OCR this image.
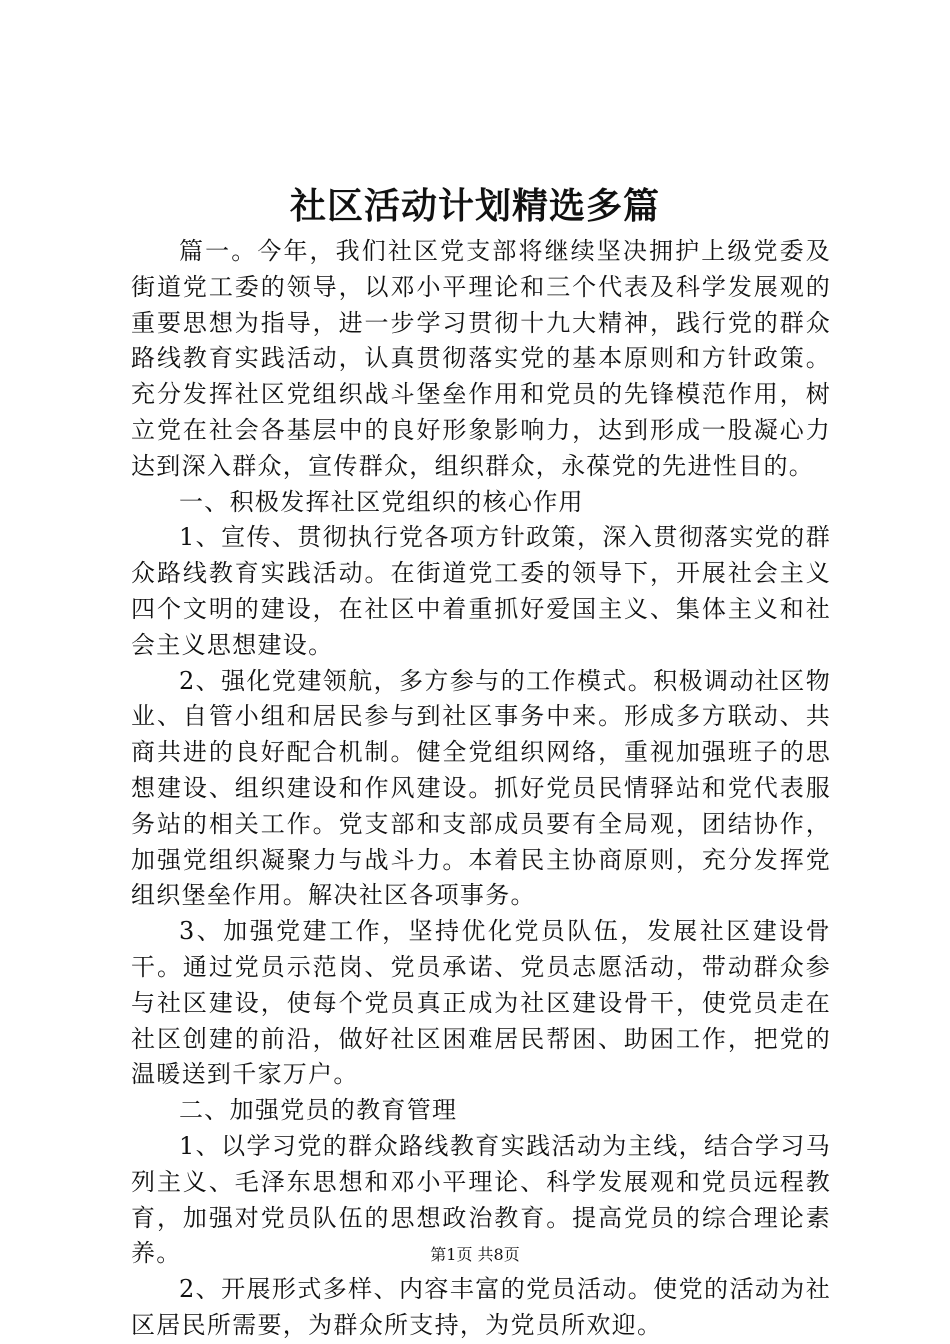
社区活动计划精选多篇

篇一。今年，我们社区党支部将继续坚决拥护上级党委及街道党工委的领导，以邓小平理论和三个代表及科学发展观的重要思想为指导，进一步学习贯彻十九大精神，践行党的群众路线教育实践活动，认真贯彻落实党的基本原则和方针政策。充分发挥社区党组织战斗堡垒作用和党员的先锋模范作用，树立党在社会各基层中的良好形象影响力，达到形成一股凝心力达到深入群众，宣传群众，组织群众，永葆党的先进性目的。

一、积极发挥社区党组织的核心作用

1、宣传、贯彻执行党各项方针政策，深入贯彻落实党的群众路线教育实践活动。在街道党工委的领导下，开展社会主义四个文明的建设，在社区中着重抓好爱国主义、集体主义和社会主义思想建设。

2、强化党建领航，多方参与的工作模式。积极调动社区物业、自管小组和居民参与到社区事务中来。形成多方联动、共商共进的良好配合机制。健全党组织网络，重视加强班子的思想建设、组织建设和作风建设。抓好党员民情驿站和党代表服务站的相关工作。党支部和支部成员要有全局观，团结协作，加强党组织凝聚力与战斗力。本着民主协商原则，充分发挥党组织堡垒作用。解决社区各项事务。

3、加强党建工作，坚持优化党员队伍，发展社区建设骨干。通过党员示范岗、党员承诺、党员志愿活动，带动群众参与社区建设，使每个党员真正成为社区建设骨干，使党员走在社区创建的前沿，做好社区困难居民帮困、助困工作，把党的温暖送到千家万户。

二、加强党员的教育管理

1、以学习党的群众路线教育实践活动为主线，结合学习马列主义、毛泽东思想和邓小平理论、科学发展观和党员远程教育，加强对党员队伍的思想政治教育。提高党员的综合理论素养。

2、开展形式多样、内容丰富的党员活动。使党的活动为社区居民所需要，为群众所支持，为党员所欢迎。

第1页 共8页
